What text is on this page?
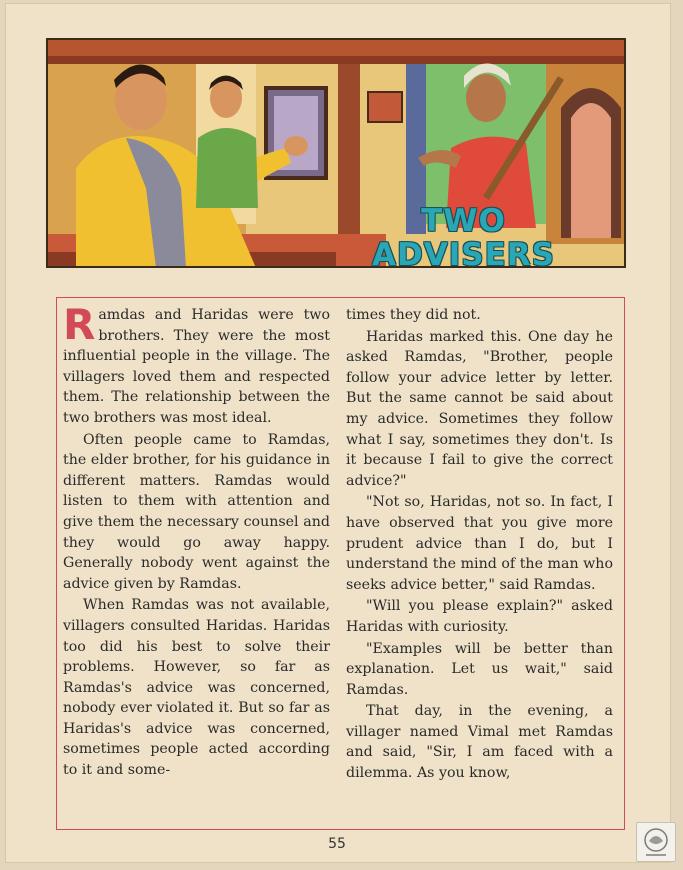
TWO
ADVISERS

Ramdas and Haridas were two brothers. They were the most influential people in the village. The villagers loved them and respected them. The relationship between the two brothers was most ideal.

Often people came to Ramdas, the elder brother, for his guidance in different matters. Ramdas would listen to them with attention and give them the necessary counsel and they would go away happy. Generally nobody went against the advice given by Ramdas.

When Ramdas was not available, villagers consulted Haridas. Haridas too did his best to solve their problems. However, so far as Ramdas's advice was concerned, nobody ever violated it. But so far as Haridas's advice was concerned, sometimes people acted according to it and some-

times they did not.

Haridas marked this. One day he asked Ramdas, "Brother, people follow your advice letter by letter. But the same cannot be said about my advice. Sometimes they follow what I say, sometimes they don't. Is it because I fail to give the correct advice?"

"Not so, Haridas, not so. In fact, I have observed that you give more prudent advice than I do, but I understand the mind of the man who seeks advice better," said Ramdas.

"Will you please explain?" asked Haridas with curiosity.

"Examples will be better than explanation. Let us wait," said Ramdas.

That day, in the evening, a villager named Vimal met Ramdas and said, "Sir, I am faced with a dilemma. As you know,

55
